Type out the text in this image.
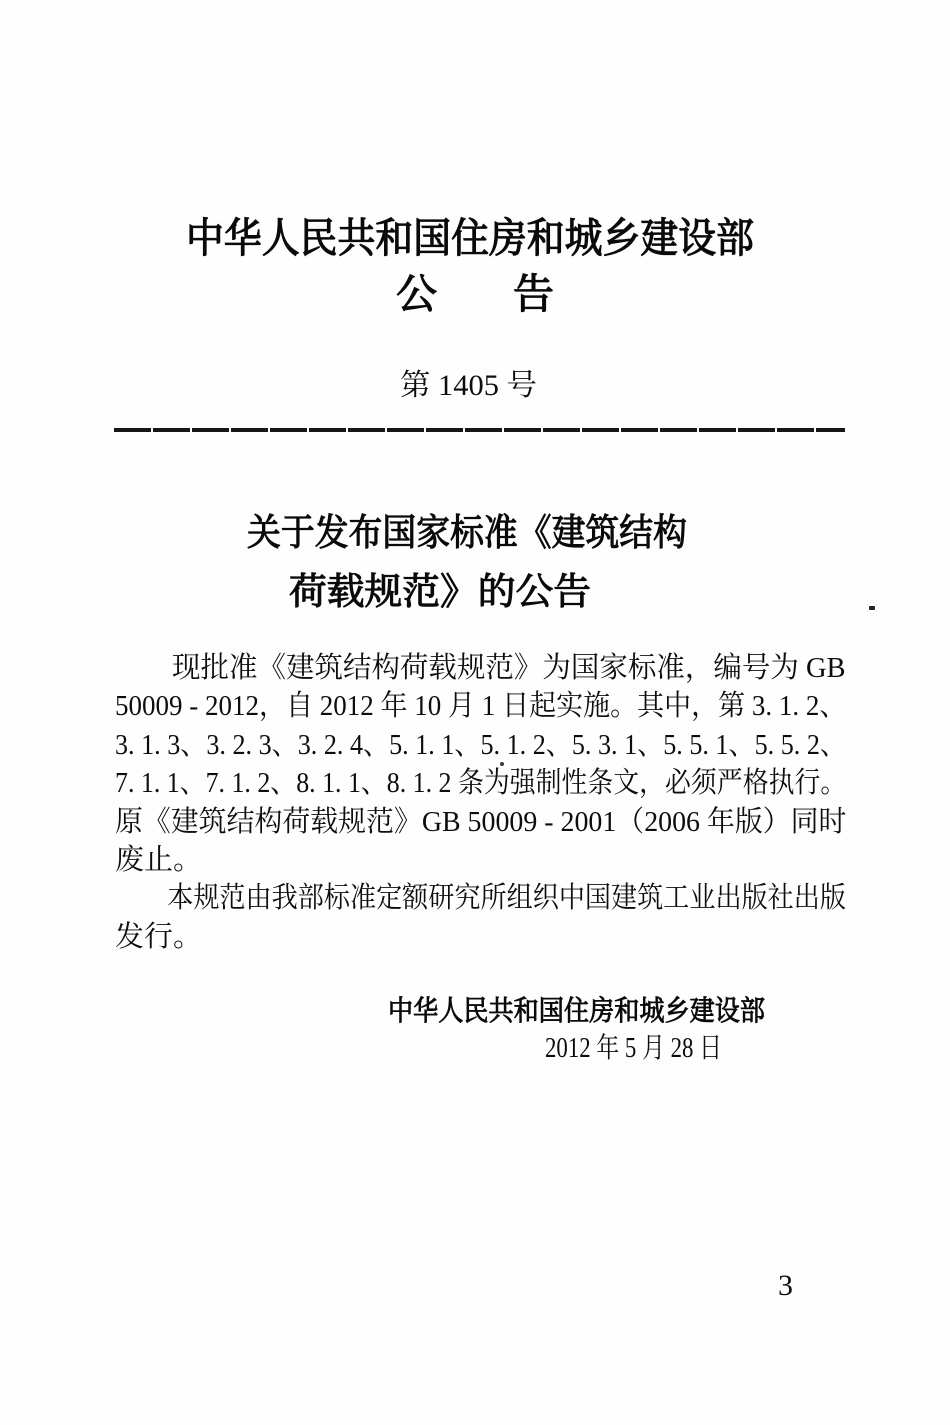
中华人民共和国住房和城乡建设部
公 告
第 1405 号
关于发布国家标准《建筑结构
荷载规范》的公告
　　现批准《建筑结构荷载规范》为国家标准，编号为 GB
50009 - 2012，自 2012 年 10 月 1 日起实施。其中，第 3. 1. 2、
3. 1. 3、3. 2. 3、3. 2. 4、5. 1. 1、5. 1. 2、5. 3. 1、5. 5. 1、5. 5. 2、
7. 1. 1、7. 1. 2、8. 1. 1、8. 1. 2 条为强制性条文，必须严格执行。
原《建筑结构荷载规范》GB 50009 - 2001（2006 年版）同时
废止。
　　本规范由我部标准定额研究所组织中国建筑工业出版社出版
发行。
中华人民共和国住房和城乡建设部
2012 年 5 月 28 日
3
